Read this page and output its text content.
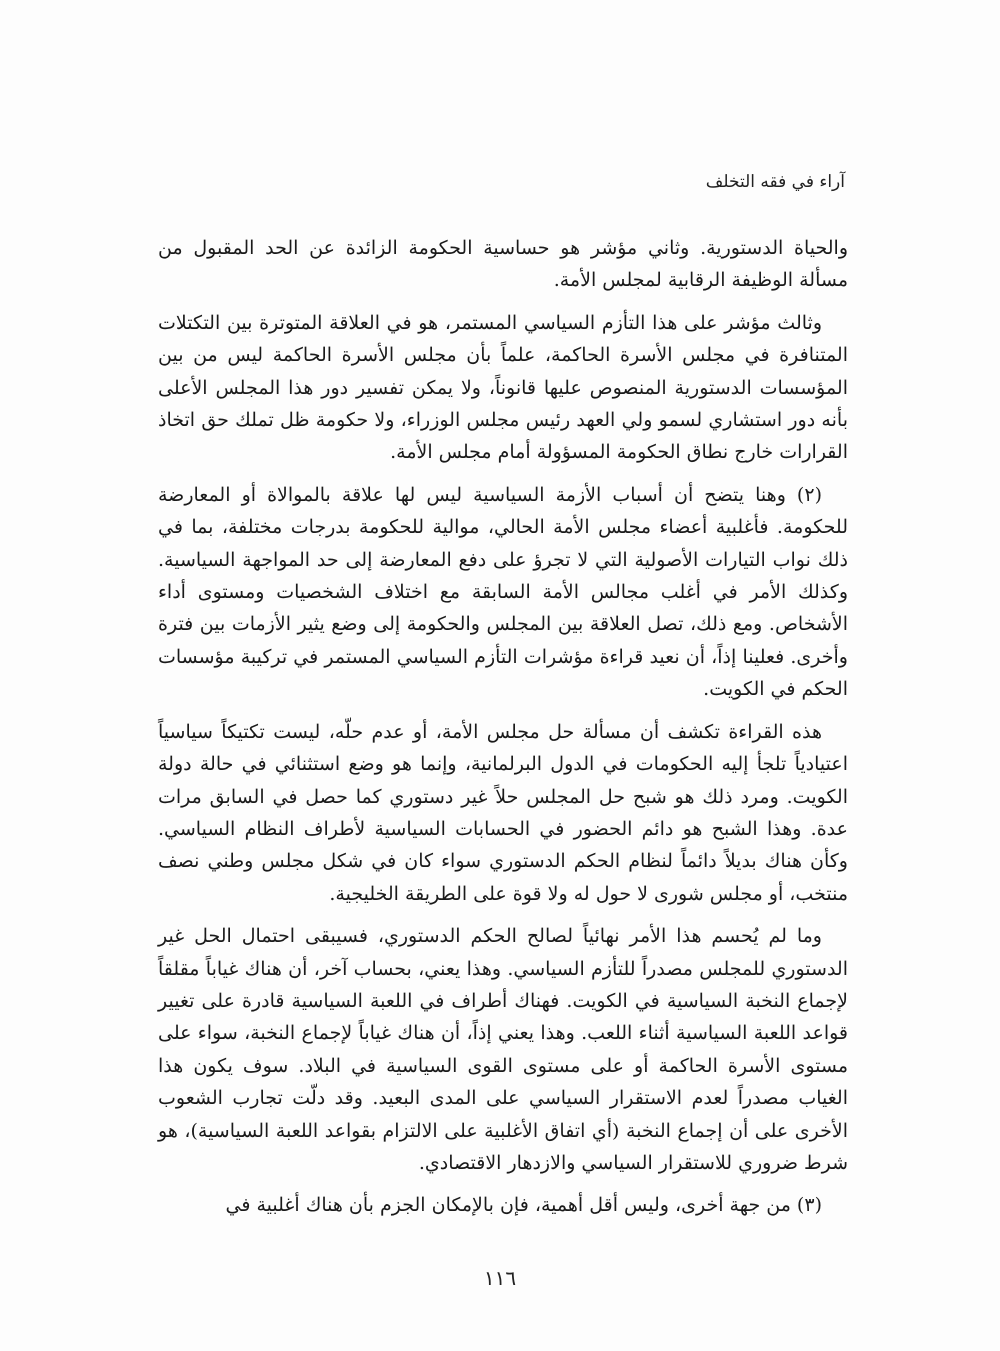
آراء في فقه التخلف

والحياة الدستورية. وثاني مؤشر هو حساسية الحكومة الزائدة عن الحد المقبول من مسألة الوظيفة الرقابية لمجلس الأمة.

وثالث مؤشر على هذا التأزم السياسي المستمر، هو في العلاقة المتوترة بين التكتلات المتنافرة في مجلس الأسرة الحاكمة، علماً بأن مجلس الأسرة الحاكمة ليس من بين المؤسسات الدستورية المنصوص عليها قانوناً، ولا يمكن تفسير دور هذا المجلس الأعلى بأنه دور استشاري لسمو ولي العهد رئيس مجلس الوزراء، ولا حكومة ظل تملك حق اتخاذ القرارات خارج نطاق الحكومة المسؤولة أمام مجلس الأمة.

(٢) وهنا يتضح أن أسباب الأزمة السياسية ليس لها علاقة بالموالاة أو المعارضة للحكومة. فأغلبية أعضاء مجلس الأمة الحالي، موالية للحكومة بدرجات مختلفة، بما في ذلك نواب التيارات الأصولية التي لا تجرؤ على دفع المعارضة إلى حد المواجهة السياسية. وكذلك الأمر في أغلب مجالس الأمة السابقة مع اختلاف الشخصيات ومستوى أداء الأشخاص. ومع ذلك، تصل العلاقة بين المجلس والحكومة إلى وضع يثير الأزمات بين فترة وأخرى. فعلينا إذاً، أن نعيد قراءة مؤشرات التأزم السياسي المستمر في تركيبة مؤسسات الحكم في الكويت.

هذه القراءة تكشف أن مسألة حل مجلس الأمة، أو عدم حلّه، ليست تكتيكاً سياسياً اعتيادياً تلجأ إليه الحكومات في الدول البرلمانية، وإنما هو وضع استثنائي في حالة دولة الكويت. ومرد ذلك هو شبح حل المجلس حلاً غير دستوري كما حصل في السابق مرات عدة. وهذا الشبح هو دائم الحضور في الحسابات السياسية لأطراف النظام السياسي. وكأن هناك بديلاً دائماً لنظام الحكم الدستوري سواء كان في شكل مجلس وطني نصف منتخب، أو مجلس شورى لا حول له ولا قوة على الطريقة الخليجية.

وما لم يُحسم هذا الأمر نهائياً لصالح الحكم الدستوري، فسيبقى احتمال الحل غير الدستوري للمجلس مصدراً للتأزم السياسي. وهذا يعني، بحساب آخر، أن هناك غياباً مقلقاً لإجماع النخبة السياسية في الكويت. فهناك أطراف في اللعبة السياسية قادرة على تغيير قواعد اللعبة السياسية أثناء اللعب. وهذا يعني إذاً، أن هناك غياباً لإجماع النخبة، سواء على مستوى الأسرة الحاكمة أو على مستوى القوى السياسية في البلاد. سوف يكون هذا الغياب مصدراً لعدم الاستقرار السياسي على المدى البعيد. وقد دلّت تجارب الشعوب الأخرى على أن إجماع النخبة (أي اتفاق الأغلبية على الالتزام بقواعد اللعبة السياسية)، هو شرط ضروري للاستقرار السياسي والازدهار الاقتصادي.

(٣) من جهة أخرى، وليس أقل أهمية، فإن بالإمكان الجزم بأن هناك أغلبية في

١١٦
